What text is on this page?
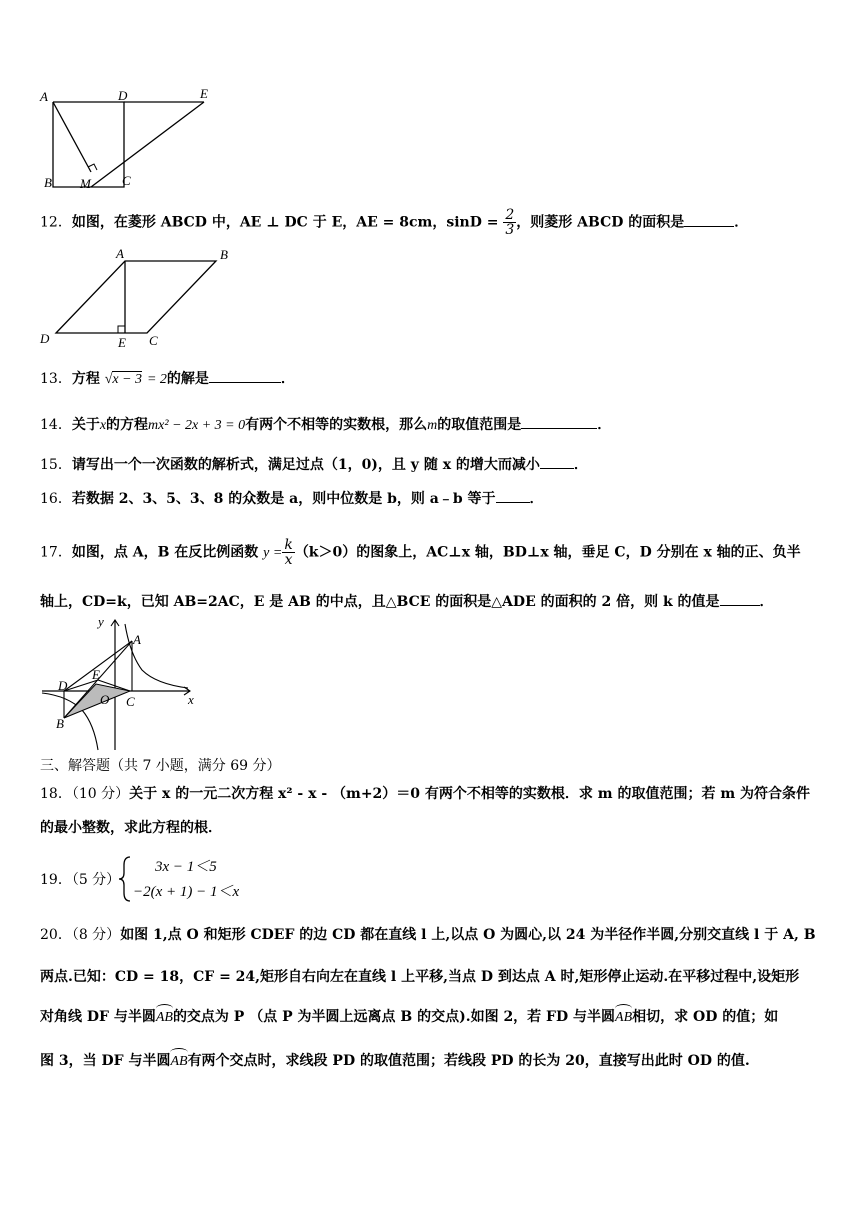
A	D	E
B M C
12．如图，在菱形 ABCD 中，AE ⊥ DC 于 E，AE = 8cm，$\sin D = \frac{2}{3}$ ，则菱形 ABCD 的面积是	．
A	B
D	E C
13．方程 √x − 3 = 2的解是	．
14．关于x的方程mx² − 2x + 3 = 0有两个不相等的实数根，那么m的取值范围是	．
15．请写出一个一次函数的解析式，满足过点（1，0)，且 y 随 x 的增大而减小 ．
16．若数据 2、3、5、3、8 的众数是 a，则中位数是 b，则 a﹣b 等于 ．
17．如图，点 A，B 在反比例函数 $y = \frac{k}{x} (k>0)$的图象上，AC⊥x 轴，BD⊥x 轴，垂足 C，D 分别在 x 轴的正、负半
轴上，CD=k，已知 AB=2AC，E 是 AB 的中点，且△BCE 的面积是△ADE 的面积的 2 倍，则 k 的值是	．
y
A
E
D
O C	x
B
三、解答题（共 7 小题，满分 69 分）
18．（10 分）关于 x 的一元二次方程 x² - x - （m+2）＝0 有两个不相等的实数根．求 m 的取值范围；若 m 为符合条件
的最小整数，求此方程的根．
19．（5 分）
3x − 1＜5
−2(x + 1) − 1＜x
20．（8 分）如图 1,点 O 和矩形 CDEF 的边 CD 都在直线 l 上,以点 O 为圆心,以 24 为半径作半圆,分别交直线 l 于 A, B
两点.已知：CD = 18，CF = 24,矩形自右向左在直线 l 上平移,当点 D 到达点 A 时,矩形停止运动.在平移过程中,设矩形
对角线 DF 与半圆AB的交点为 P （点 P 为半圆上远离点 B 的交点).如图 2，若 FD 与半圆AB相切，求 OD 的值；如
图 3，当 DF 与半圆AB有两个交点时，求线段 PD 的取值范围；若线段 PD 的长为 20，直接写出此时 OD 的值.
